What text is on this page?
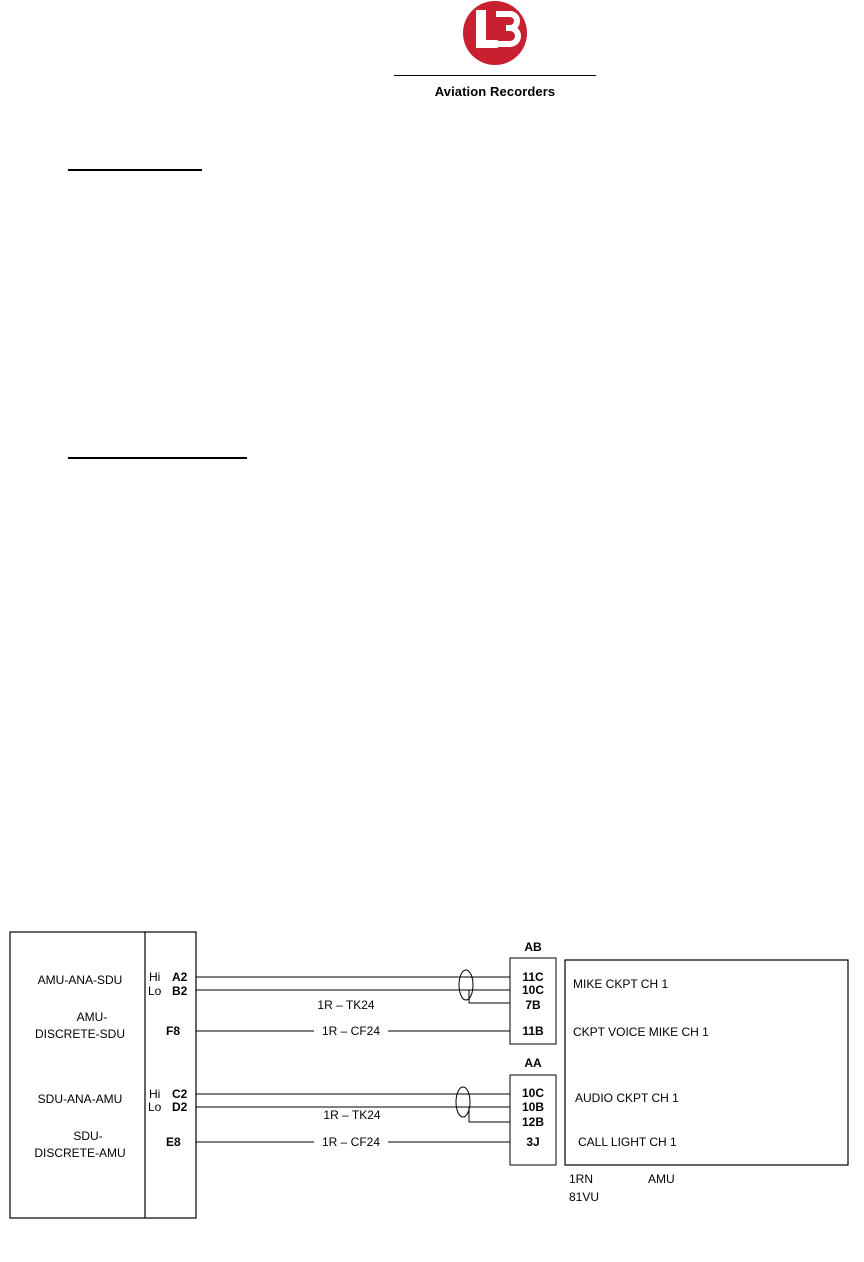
Aviation Recorders
AMU-ANA-SDU
AMU-
DISCRETE-SDU
SDU-ANA-AMU
SDU-
DISCRETE-AMU
Hi A2
Lo B2
F8
Hi C2
Lo D2
E8
1R – TK24
1R – CF24
1R – TK24
1R – CF24
AB
11C
10C
7B
11B
AA
10C
10B
12B
3J
MIKE CKPT CH 1
CKPT VOICE MIKE CH 1
AUDIO CKPT CH 1
CALL LIGHT CH 1
1RN
81VU
AMU
